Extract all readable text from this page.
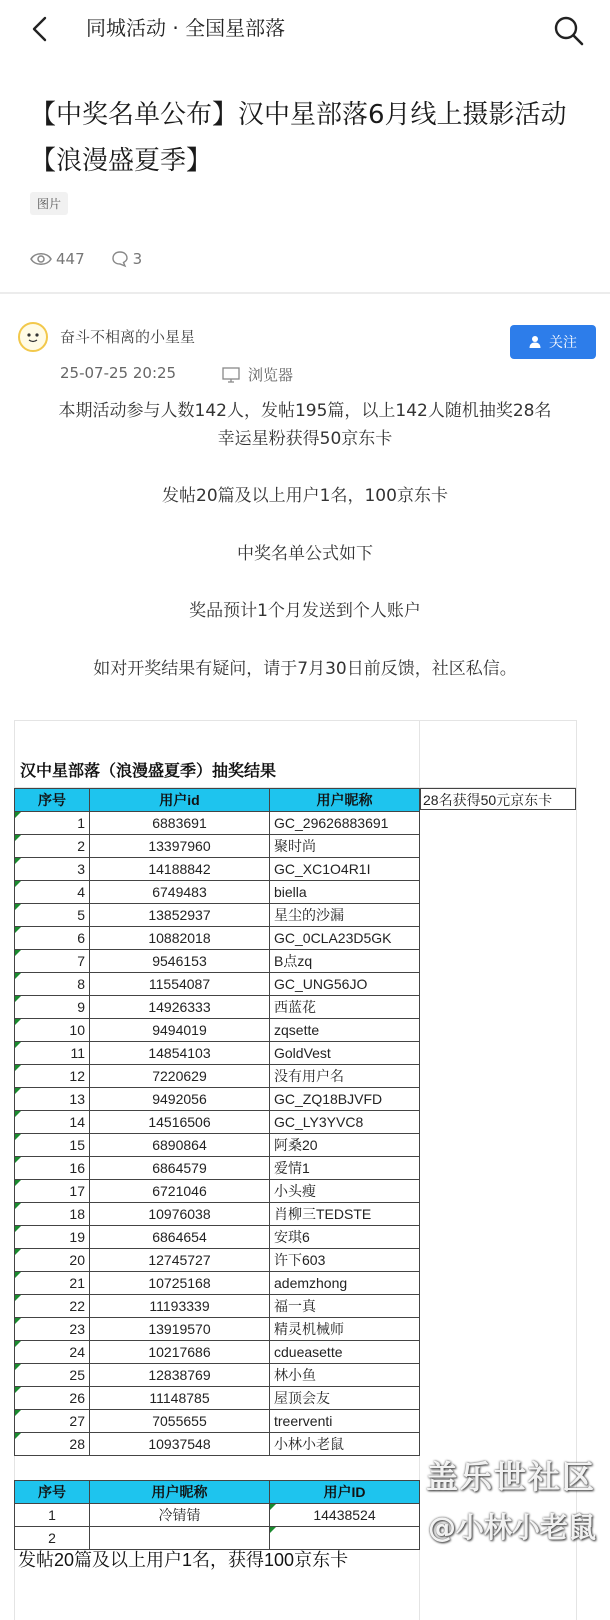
同城活动 · 全国星部落
【中奖名单公布】汉中星部落6月线上摄影活动【浪漫盛夏季】
图片
447	3
奋斗不相离的小星星	关注
25-07-25 20:25	浏览器
本期活动参与人数142人，发帖195篇，以上142人随机抽奖28名
幸运星粉获得50京东卡
发帖20篇及以上用户1名，100京东卡
中奖名单公式如下
奖品预计1个月发送到个人账户
如对开奖结果有疑问，请于7月30日前反馈，社区私信。
汉中星部落（浪漫盛夏季）抽奖结果
28名获得50元京东卡
序号	用户id	用户昵称
1	6883691	GC_29626883691
2	13397960	聚时尚
3	14188842	GC_XC1O4R1I
4	6749483	biella
5	13852937	星尘的沙漏
6	10882018	GC_0CLA23D5GK
7	9546153	B点zq
8	11554087	GC_UNG56JO
9	14926333	西蓝花
10	9494019	zqsette
11	14854103	GoldVest
12	7220629	没有用户名
13	9492056	GC_ZQ18BJVFD
14	14516506	GC_LY3YVC8
15	6890864	阿桑20
16	6864579	爱情1
17	6721046	小头瘦
18	10976038	肖柳三TEDSTE
19	6864654	安琪6
20	12745727	许下603
21	10725168	ademzhong
22	11193339	福一真
23	13919570	精灵机械师
24	10217686	cdueasette
25	12838769	林小鱼
26	11148785	屋顶会友
27	7055655	treerventi
28	10937548	小林小老鼠
序号	用户昵称	用户ID
1	冷锖锖	14438524
2		
发帖20篇及以上用户1名，获得100京东卡
盖乐世社区
@小林小老鼠
